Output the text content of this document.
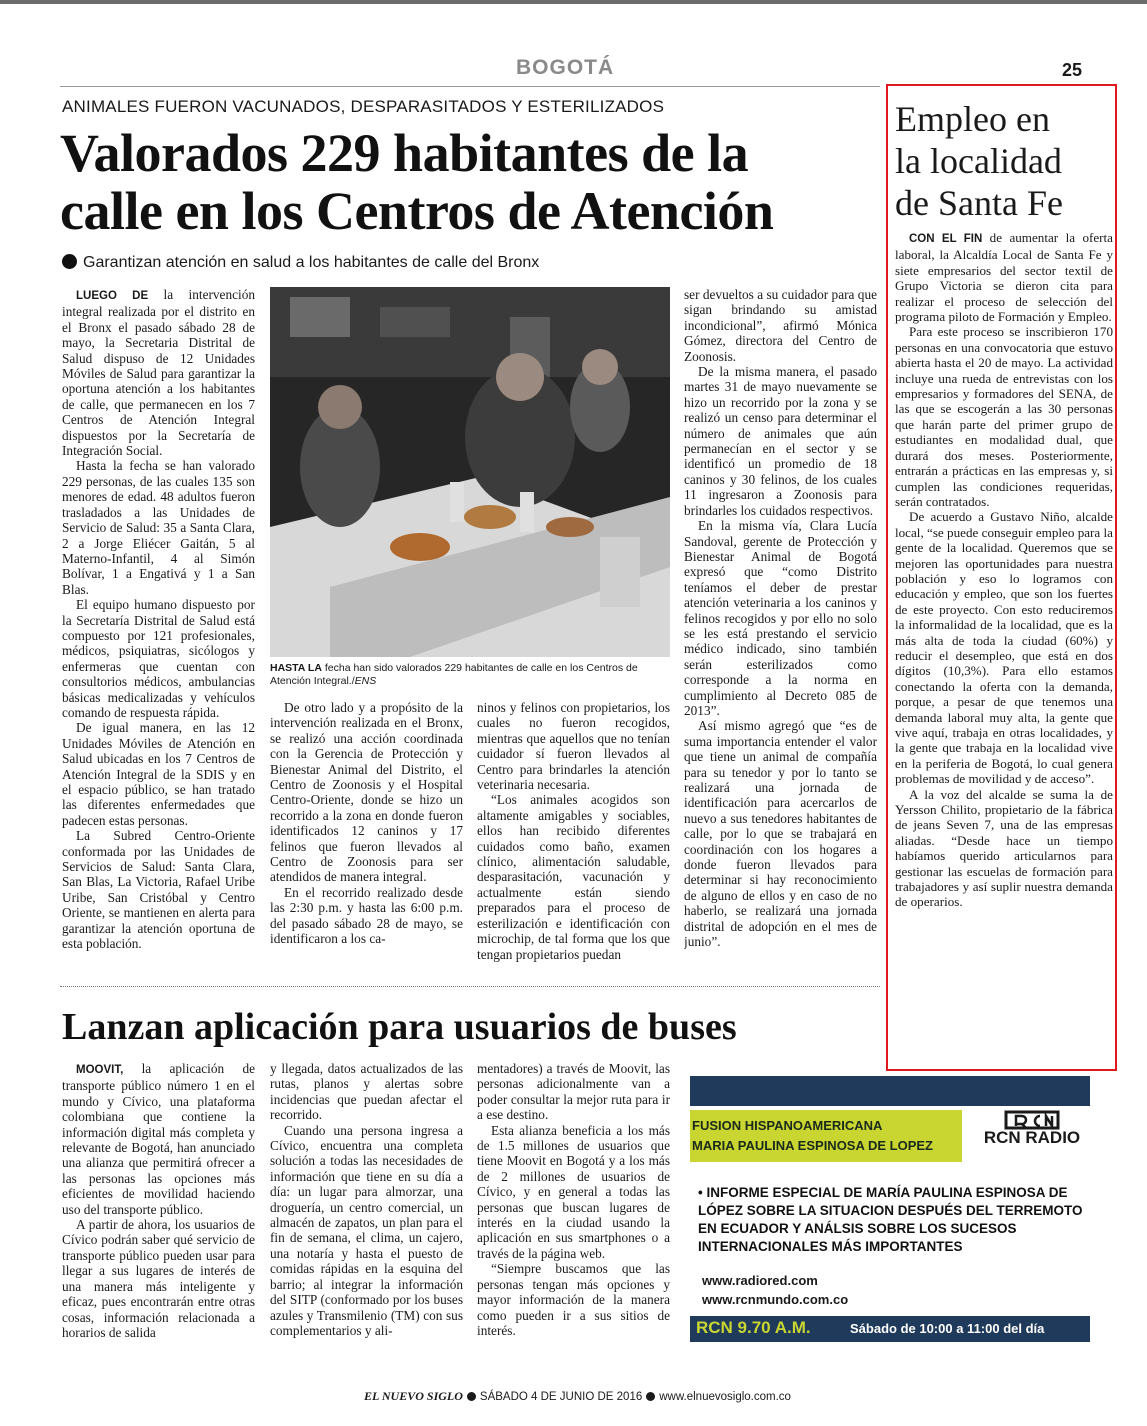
BOGOTÁ	25
ANIMALES FUERON VACUNADOS, DESPARASITADOS Y ESTERILIZADOS
Valorados 229 habitantes de la
calle en los Centros de Atención
Garantizan atención en salud a los habitantes de calle del Bronx

LUEGO DE la intervención integral realizada por el distrito en el Bronx el pasado sábado 28 de mayo, la Secretaria Distrital de Salud dispuso de 12 Unidades Móviles de Salud para garantizar la oportuna atención a los habitantes de calle, que permanecen en los 7 Centros de Atención Integral dispuestos por la Secretaría de Integración Social.

Hasta la fecha se han valorado 229 personas, de las cuales 135 son menores de edad. 48 adultos fueron trasladados a las Unidades de Servicio de Salud: 35 a Santa Clara, 2 a Jorge Eliécer Gaitán, 5 al Materno-Infantil, 4 al Simón Bolívar, 1 a Engativá y 1 a San Blas.

El equipo humano dispuesto por la Secretaría Distrital de Salud está compuesto por 121 profesionales, médicos, psiquiatras, sicólogos y enfermeras que cuentan con consultorios médicos, ambulancias básicas medicalizadas y vehículos comando de respuesta rápida.

De igual manera, en las 12 Unidades Móviles de Atención en Salud ubicadas en los 7 Centros de Atención Integral de la SDIS y en el espacio público, se han tratado las diferentes enfermedades que padecen estas personas.

La Subred Centro-Oriente conformada por las Unidades de Servicios de Salud: Santa Clara, San Blas, La Victoria, Rafael Uribe Uribe, San Cristóbal y Centro Oriente, se mantienen en alerta para garantizar la atención oportuna de esta población.

HASTA LA fecha han sido valorados 229 habitantes de calle en los Centros de Atención Integral./ENS

De otro lado y a propósito de la intervención realizada en el Bronx, se realizó una acción coordinada con la Gerencia de Protección y Bienestar Animal del Distrito, el Centro de Zoonosis y el Hospital Centro-Oriente, donde se hizo un recorrido a la zona en donde fueron identificados 12 caninos y 17 felinos que fueron llevados al Centro de Zoonosis para ser atendidos de manera integral.

En el recorrido realizado desde las 2:30 p.m. y hasta las 6:00 p.m. del pasado sábado 28 de mayo, se identificaron a los ca-

ninos y felinos con propietarios, los cuales no fueron recogidos, mientras que aquellos que no tenían cuidador sí fueron llevados al Centro para brindarles la atención veterinaria necesaria.

“Los animales acogidos son altamente amigables y sociables, ellos han recibido diferentes cuidados como baño, examen clínico, alimentación saludable, desparasitación, vacunación y actualmente están siendo preparados para el proceso de esterilización e identificación con microchip, de tal forma que los que tengan propietarios puedan

ser devueltos a su cuidador para que sigan brindando su amistad incondicional”, afirmó Mónica Gómez, directora del Centro de Zoonosis.

De la misma manera, el pasado martes 31 de mayo nuevamente se hizo un recorrido por la zona y se realizó un censo para determinar el número de animales que aún permanecían en el sector y se identificó un promedio de 18 caninos y 30 felinos, de los cuales 11 ingresaron a Zoonosis para brindarles los cuidados respectivos.

En la misma vía, Clara Lucía Sandoval, gerente de Protección y Bienestar Animal de Bogotá expresó que “como Distrito teníamos el deber de prestar atención veterinaria a los caninos y felinos recogidos y por ello no solo se les está prestando el servicio médico indicado, sino también serán esterilizados como corresponde a la norma en cumplimiento al Decreto 085 de 2013”.

Así mismo agregó que “es de suma importancia entender el valor que tiene un animal de compañía para su tenedor y por lo tanto se realizará una jornada de identificación para acercarlos de nuevo a sus tenedores habitantes de calle, por lo que se trabajará en coordinación con los hogares a donde fueron llevados para determinar si hay reconocimiento de alguno de ellos y en caso de no haberlo, se realizará una jornada distrital de adopción en el mes de junio”.

Empleo en
la localidad
de Santa Fe

CON EL FIN de aumentar la oferta laboral, la Alcaldía Local de Santa Fe y siete empresarios del sector textil de Grupo Victoria se dieron cita para realizar el proceso de selección del programa piloto de Formación y Empleo.

Para este proceso se inscribieron 170 personas en una convocatoria que estuvo abierta hasta el 20 de mayo. La actividad incluye una rueda de entrevistas con los empresarios y formadores del SENA, de las que se escogerán a las 30 personas que harán parte del primer grupo de estudiantes en modalidad dual, que durará dos meses. Posteriormente, entrarán a prácticas en las empresas y, si cumplen las condiciones requeridas, serán contratados.

De acuerdo a Gustavo Niño, alcalde local, “se puede conseguir empleo para la gente de la localidad. Queremos que se mejoren las oportunidades para nuestra población y eso lo logramos con educación y empleo, que son los fuertes de este proyecto. Con esto reduciremos la informalidad de la localidad, que es la más alta de toda la ciudad (60%) y reducir el desempleo, que está en dos dígitos (10,3%). Para ello estamos conectando la oferta con la demanda, porque, a pesar de que tenemos una demanda laboral muy alta, la gente que vive aquí, trabaja en otras localidades, y la gente que trabaja en la localidad vive en la periferia de Bogotá, lo cual genera problemas de movilidad y de acceso”.

A la voz del alcalde se suma la de Yersson Chilito, propietario de la fábrica de jeans Seven 7, una de las empresas aliadas. “Desde hace un tiempo habíamos querido articularnos para gestionar las escuelas de formación para trabajadores y así suplir nuestra demanda de operarios.

Lanzan aplicación para usuarios de buses

MOOVIT, la aplicación de transporte público número 1 en el mundo y Cívico, una plataforma colombiana que contiene la información digital más completa y relevante de Bogotá, han anunciado una alianza que permitirá ofrecer a las personas las opciones más eficientes de movilidad haciendo uso del transporte público.

A partir de ahora, los usuarios de Cívico podrán saber qué servicio de transporte público pueden usar para llegar a sus lugares de interés de una manera más inteligente y eficaz, pues encontrarán entre otras cosas, información relacionada a horarios de salida

y llegada, datos actualizados de las rutas, planos y alertas sobre incidencias que puedan afectar el recorrido.

Cuando una persona ingresa a Cívico, encuentra una completa solución a todas las necesidades de información que tiene en su día a día: un lugar para almorzar, una droguería, un centro comercial, un almacén de zapatos, un plan para el fin de semana, el clima, un cajero, una notaría y hasta el puesto de comidas rápidas en la esquina del barrio; al integrar la información del SITP (conformado por los buses azules y Transmilenio (TM) con sus complementarios y ali-

mentadores) a través de Moovit, las personas adicionalmente van a poder consultar la mejor ruta para ir a ese destino.

Esta alianza beneficia a los más de 1.5 millones de usuarios que tiene Moovit en Bogotá y a los más de 2 millones de usuarios de Cívico, y en general a todas las personas que buscan lugares de interés en la ciudad usando la aplicación en sus smartphones o a través de la página web.

“Siempre buscamos que las personas tengan más opciones y mayor información de la manera como pueden ir a sus sitios de interés.

FUSION HISPANOAMERICANA
MARIA PAULINA ESPINOSA DE LOPEZ	RCN RADIO
• INFORME ESPECIAL DE MARÍA PAULINA ESPINOSA DE LÓPEZ SOBRE LA SITUACION DESPUÉS DEL TERREMOTO EN ECUADOR Y ANÁLSIS SOBRE LOS SUCESOS INTERNACIONALES MÁS IMPORTANTES
www.radiored.com
www.rcnmundo.com.co
RCN 9.70 A.M.	Sábado de 10:00 a 11:00 del día
EL NUEVO SIGLO SÁBADO 4 DE JUNIO DE 2016 www.elnuevosiglo.com.co
